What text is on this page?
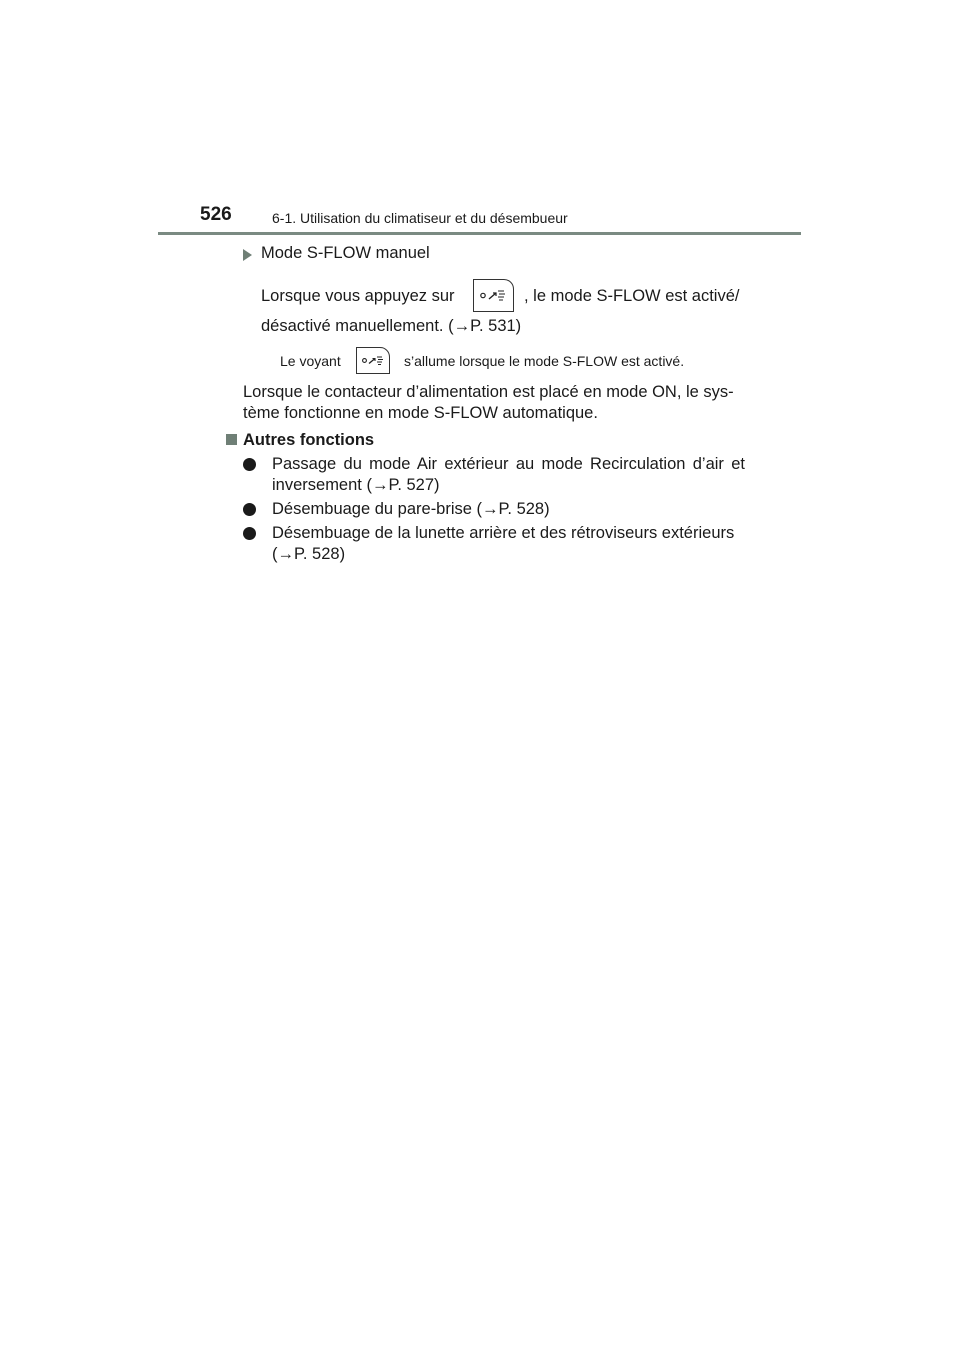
526	6-1. Utilisation du climatiseur et du désembueur
Mode S-FLOW manuel
Lorsque vous appuyez sur	, le mode S-FLOW est activé/
désactivé manuellement. (→P. 531)
Le voyant	s’allume lorsque le mode S-FLOW est activé.
Lorsque le contacteur d’alimentation est placé en mode ON, le sys-
tème fonctionne en mode S-FLOW automatique.
Autres fonctions
Passage du mode Air extérieur au mode Recirculation d’air et
inversement (→P. 527)
Désembuage du pare-brise (→P. 528)
Désembuage de la lunette arrière et des rétroviseurs extérieurs
(→P. 528)
